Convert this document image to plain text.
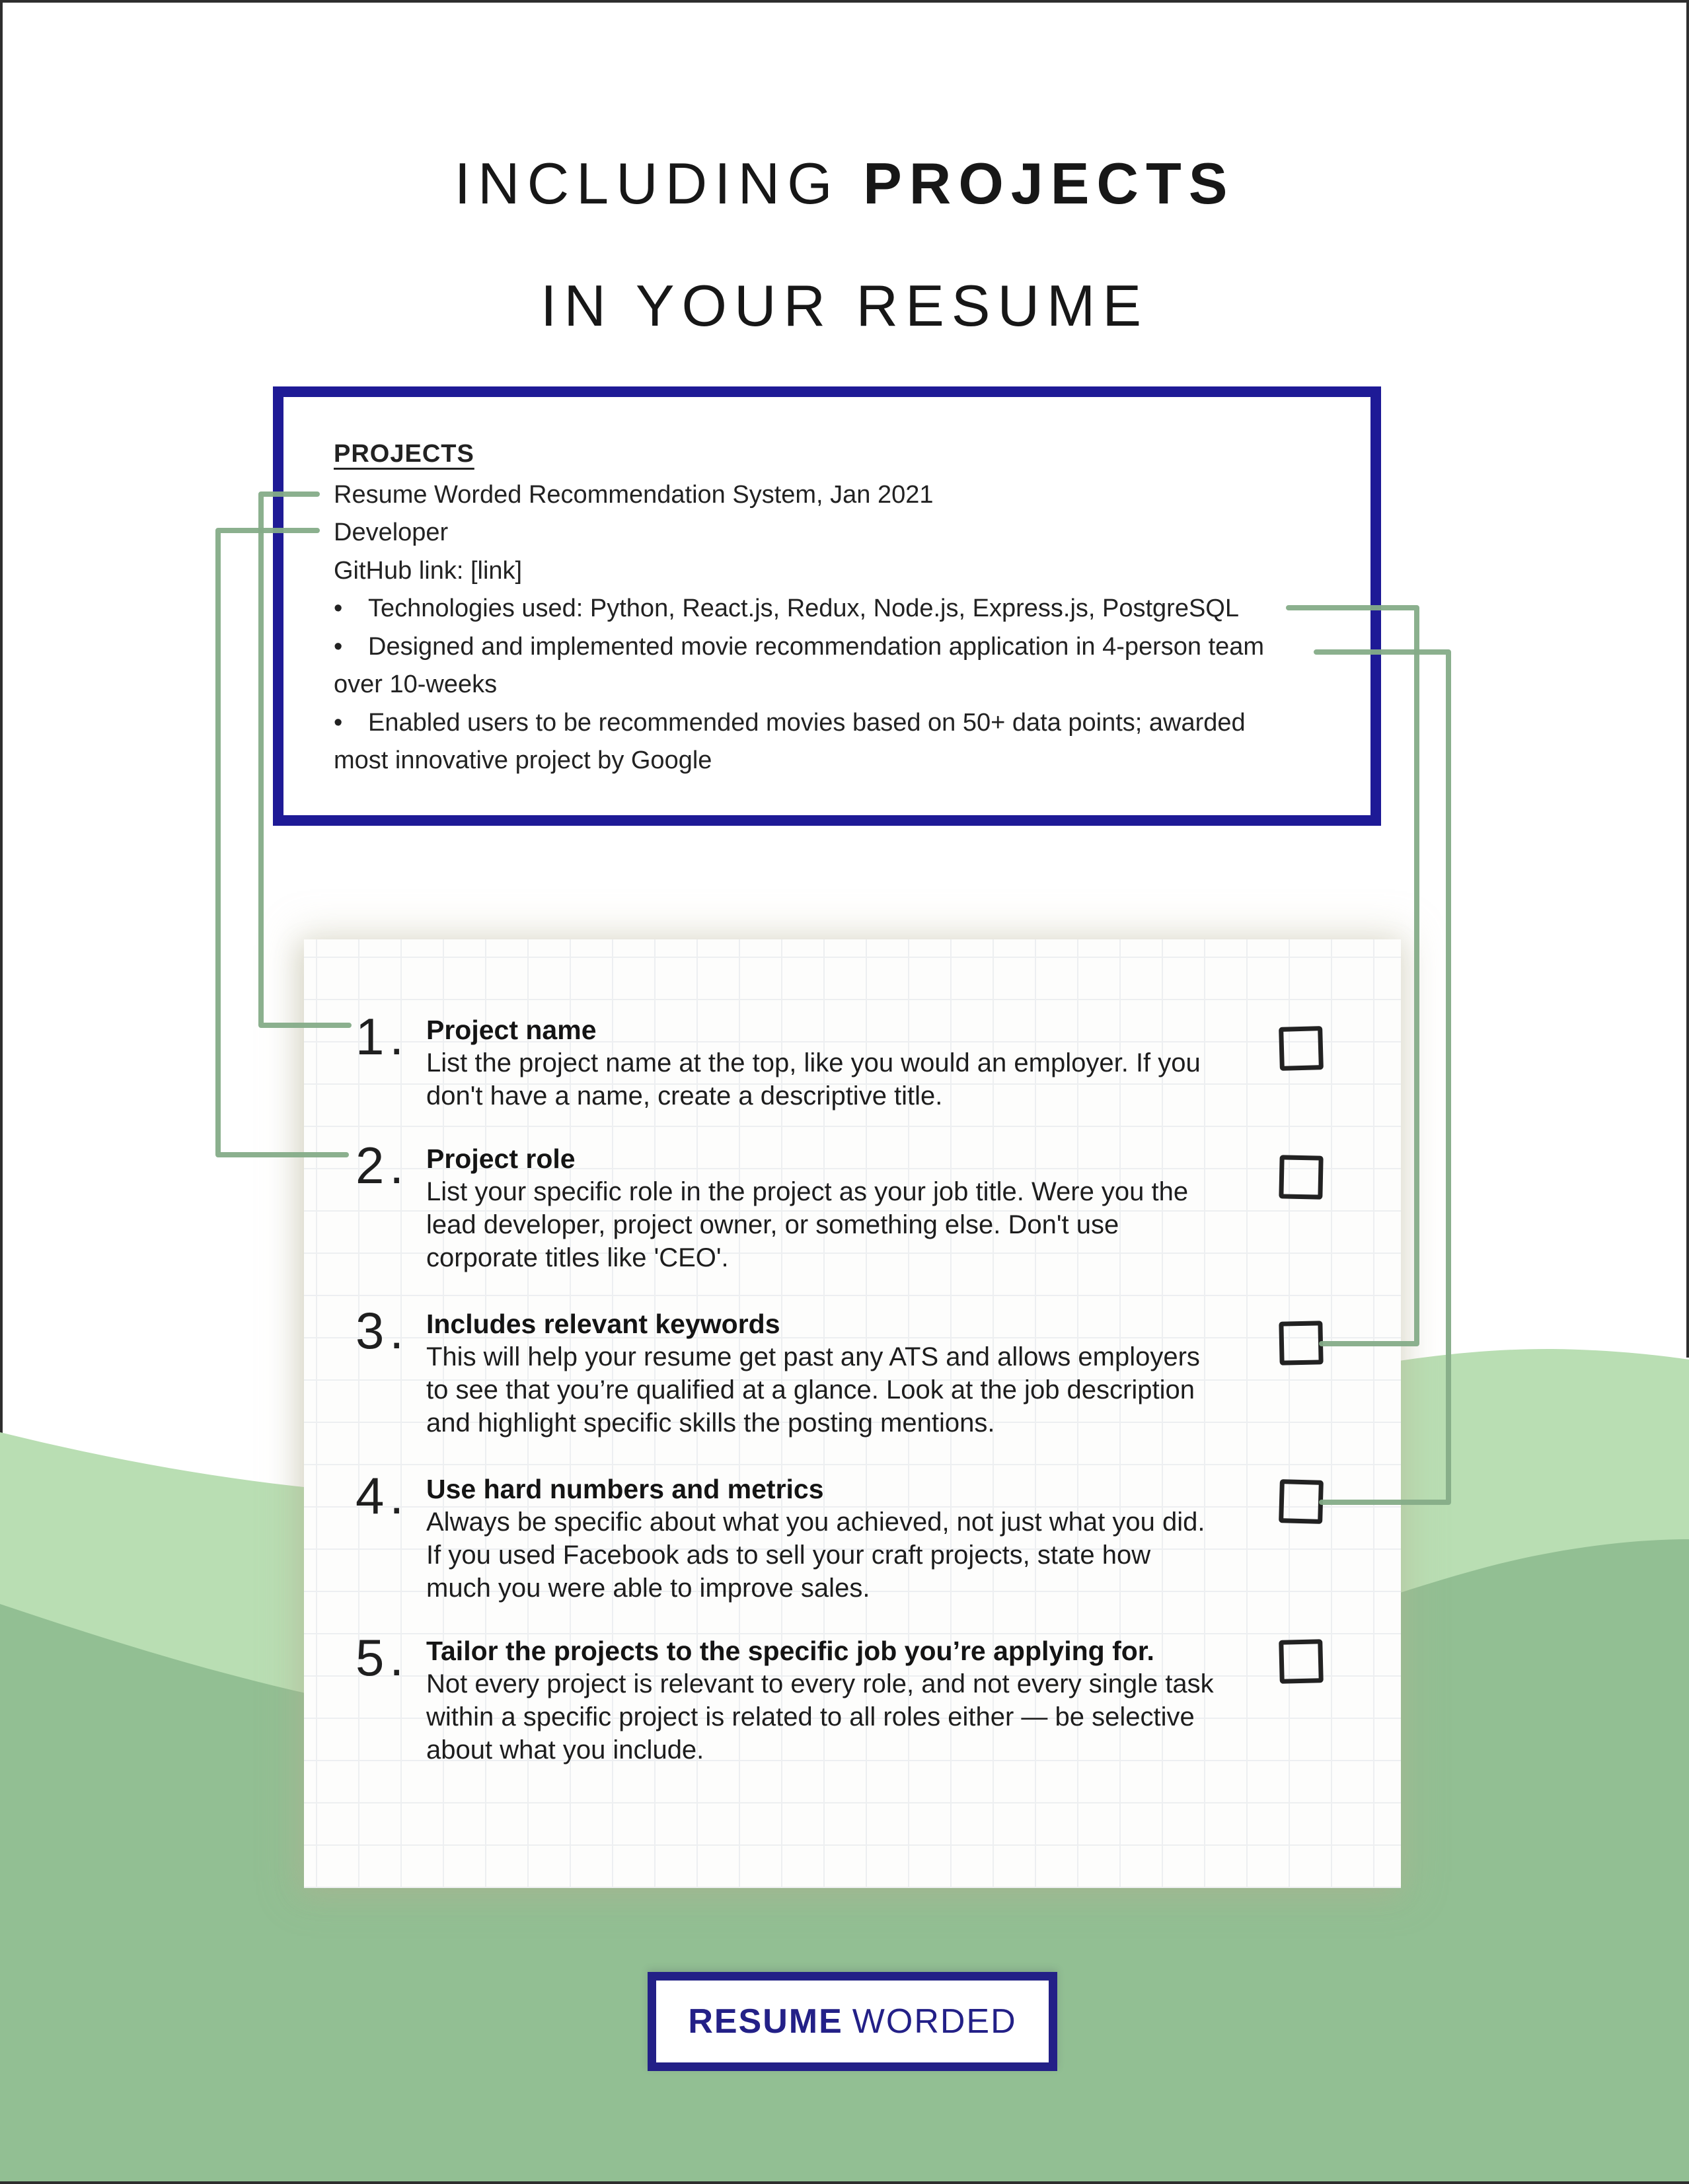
INCLUDING PROJECTS
IN YOUR RESUME
PROJECTS
Resume Worded Recommendation System, Jan 2021
Developer
GitHub link: [link]
• Technologies used: Python, React.js, Redux, Node.js, Express.js, PostgreSQL
• Designed and implemented movie recommendation application in 4-person team
over 10-weeks
• Enabled users to be recommended movies based on 50+ data points; awarded
most innovative project by Google
1. Project name

List the project name at the top, like you would an employer. If you

don't have a name, create a descriptive title.

2. Project role

List your specific role in the project as your job title. Were you the

lead developer, project owner, or something else. Don't use

corporate titles like 'CEO'.

3. Includes relevant keywords

This will help your resume get past any ATS and allows employers

to see that you’re qualified at a glance. Look at the job description

and highlight specific skills the posting mentions.

4. Use hard numbers and metrics

Always be specific about what you achieved, not just what you did.

If you used Facebook ads to sell your craft projects, state how

much you were able to improve sales.

5. Tailor the projects to the specific job you’re applying for.

Not every project is relevant to every role, and not every single task

within a specific project is related to all roles either — be selective

about what you include.

RESUME WORDED
